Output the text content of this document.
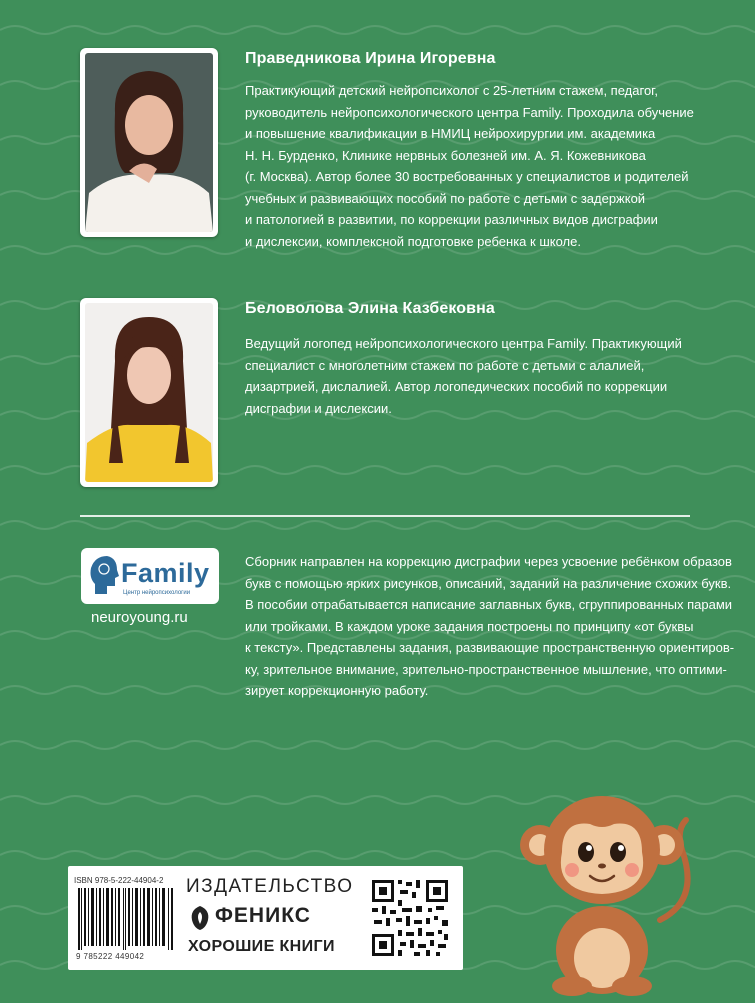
Праведникова Ирина Игоревна
Практикующий детский нейропсихолог с 25-летним стажем, педагог,
руководитель нейропсихологического центра Family. Проходила обучение
и повышение квалификации в НМИЦ нейрохирургии им. академика
Н. Н. Бурденко, Клинике нервных болезней им. А. Я. Кожевникова
(г. Москва). Автор более 30 востребованных у специалистов и родителей
учебных и развивающих пособий по работе с детьми с задержкой
и патологией в развитии, по коррекции различных видов дисграфии
и дислексии, комплексной подготовке ребенка к школе.
Беловолова Элина Казбековна
Ведущий логопед нейропсихологического центра Family. Практикующий
специалист с многолетним стажем по работе с детьми с алалией,
дизартрией, дислалией. Автор логопедических пособий по коррекции
дисграфии и дислексии.
Family
Центр нейропсихологии
neuroyoung.ru
Сборник направлен на коррекцию дисграфии через усвоение ребёнком образов
букв с помощью ярких рисунков, описаний, заданий на различение схожих букв.
В пособии отрабатывается написание заглавных букв, сгруппированных парами
или тройками. В каждом уроке задания построены по принципу «от буквы
к тексту». Представлены задания, развивающие пространственную ориентиров-
ку, зрительное внимание, зрительно-пространственное мышление, что оптими-
зирует коррекционную работу.
ISBN 978-5-222-44904-2
9 785222 449042
ИЗДАТЕЛЬСТВО
ФЕНИКС
ХОРОШИЕ КНИГИ
